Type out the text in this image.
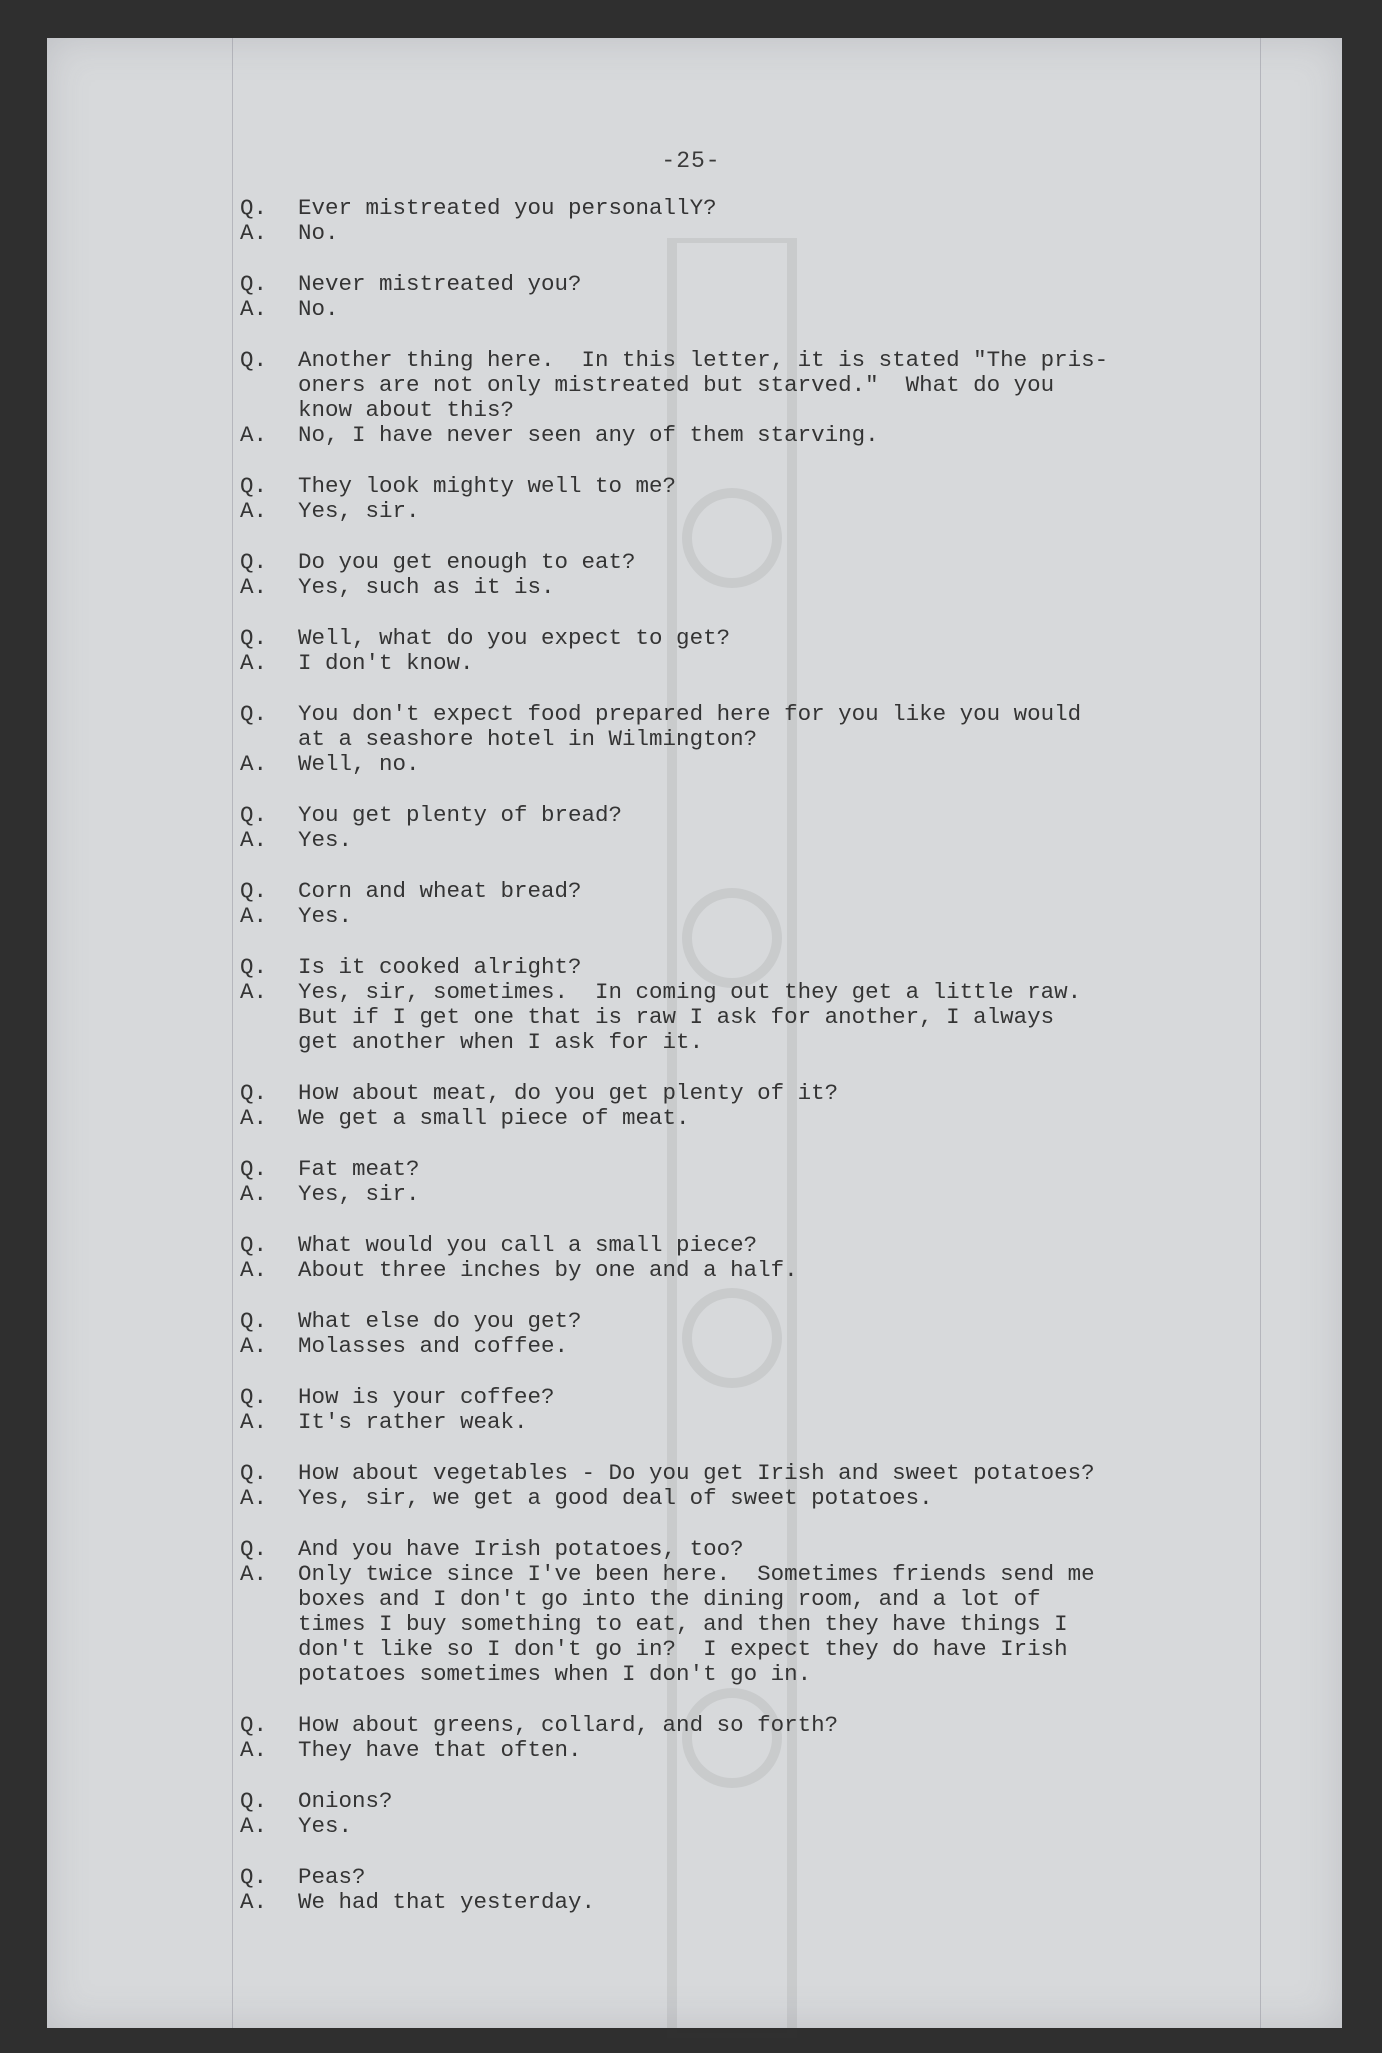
-25-
Q.	Ever mistreated you personallY?
A.	No.
Q.	Never mistreated you?
A.	No.
Q.	Another thing here.  In this letter, it is stated "The pris-
oners are not only mistreated but starved."  What do you
know about this?
A.	No, I have never seen any of them starving.
Q.	They look mighty well to me?
A.	Yes, sir.
Q.	Do you get enough to eat?
A.	Yes, such as it is.
Q.	Well, what do you expect to get?
A.	I don't know.
Q.	You don't expect food prepared here for you like you would
at a seashore hotel in Wilmington?
A.	Well, no.
Q.	You get plenty of bread?
A.	Yes.
Q.	Corn and wheat bread?
A.	Yes.
Q.	Is it cooked alright?
A.	Yes, sir, sometimes.  In coming out they get a little raw.
But if I get one that is raw I ask for another, I always
get another when I ask for it.
Q.	How about meat, do you get plenty of it?
A.	We get a small piece of meat.
Q.	Fat meat?
A.	Yes, sir.
Q.	What would you call a small piece?
A.	About three inches by one and a half.
Q.	What else do you get?
A.	Molasses and coffee.
Q.	How is your coffee?
A.	It's rather weak.
Q.	How about vegetables - Do you get Irish and sweet potatoes?
A.	Yes, sir, we get a good deal of sweet potatoes.
Q.	And you have Irish potatoes, too?
A.	Only twice since I've been here.  Sometimes friends send me
boxes and I don't go into the dining room, and a lot of
times I buy something to eat, and then they have things I
don't like so I don't go in?  I expect they do have Irish
potatoes sometimes when I don't go in.
Q.	How about greens, collard, and so forth?
A.	They have that often.
Q.	Onions?
A.	Yes.
Q.	Peas?
A.	We had that yesterday.
